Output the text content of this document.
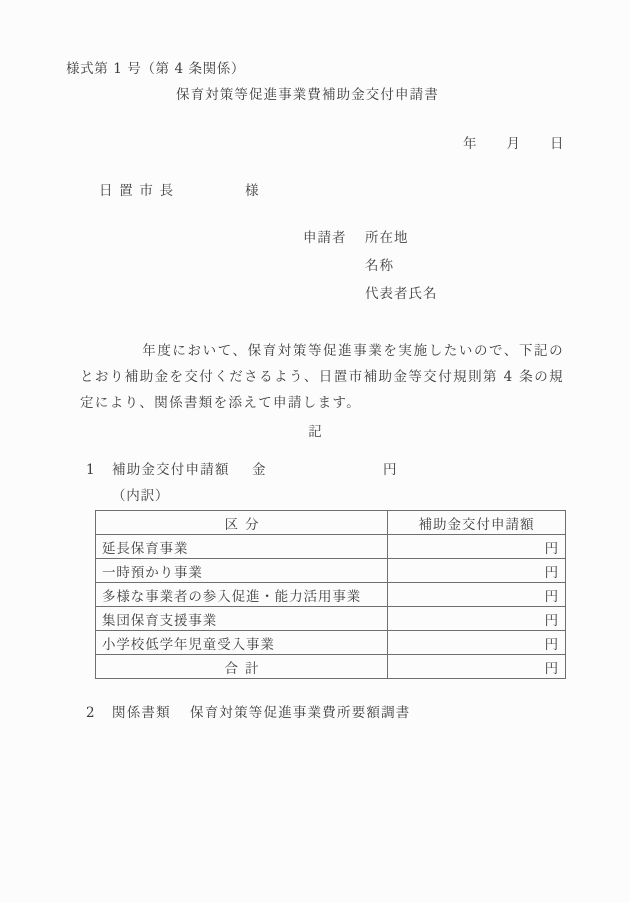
様式第 1 号（第 4 条関係）
保育対策等促進事業費補助金交付申請書
年　　月　　日
日 置 市 長	様
申請者 所在地
名称
代表者氏名

年度において、保育対策等促進事業を実施したいので、下記のとおり補助金を交付くださるよう、日置市補助金等交付規則第 4 条の規定により、関係書類を添えて申請します。

記
1 補助金交付申請額 金	円
（内訳）
区分	補助金交付申請額
延長保育事業	円
一時預かり事業	円
多様な事業者の参入促進・能力活用事業	円
集団保育支援事業	円
小学校低学年児童受入事業	円
合計	円
2 関係書類 保育対策等促進事業費所要額調書
